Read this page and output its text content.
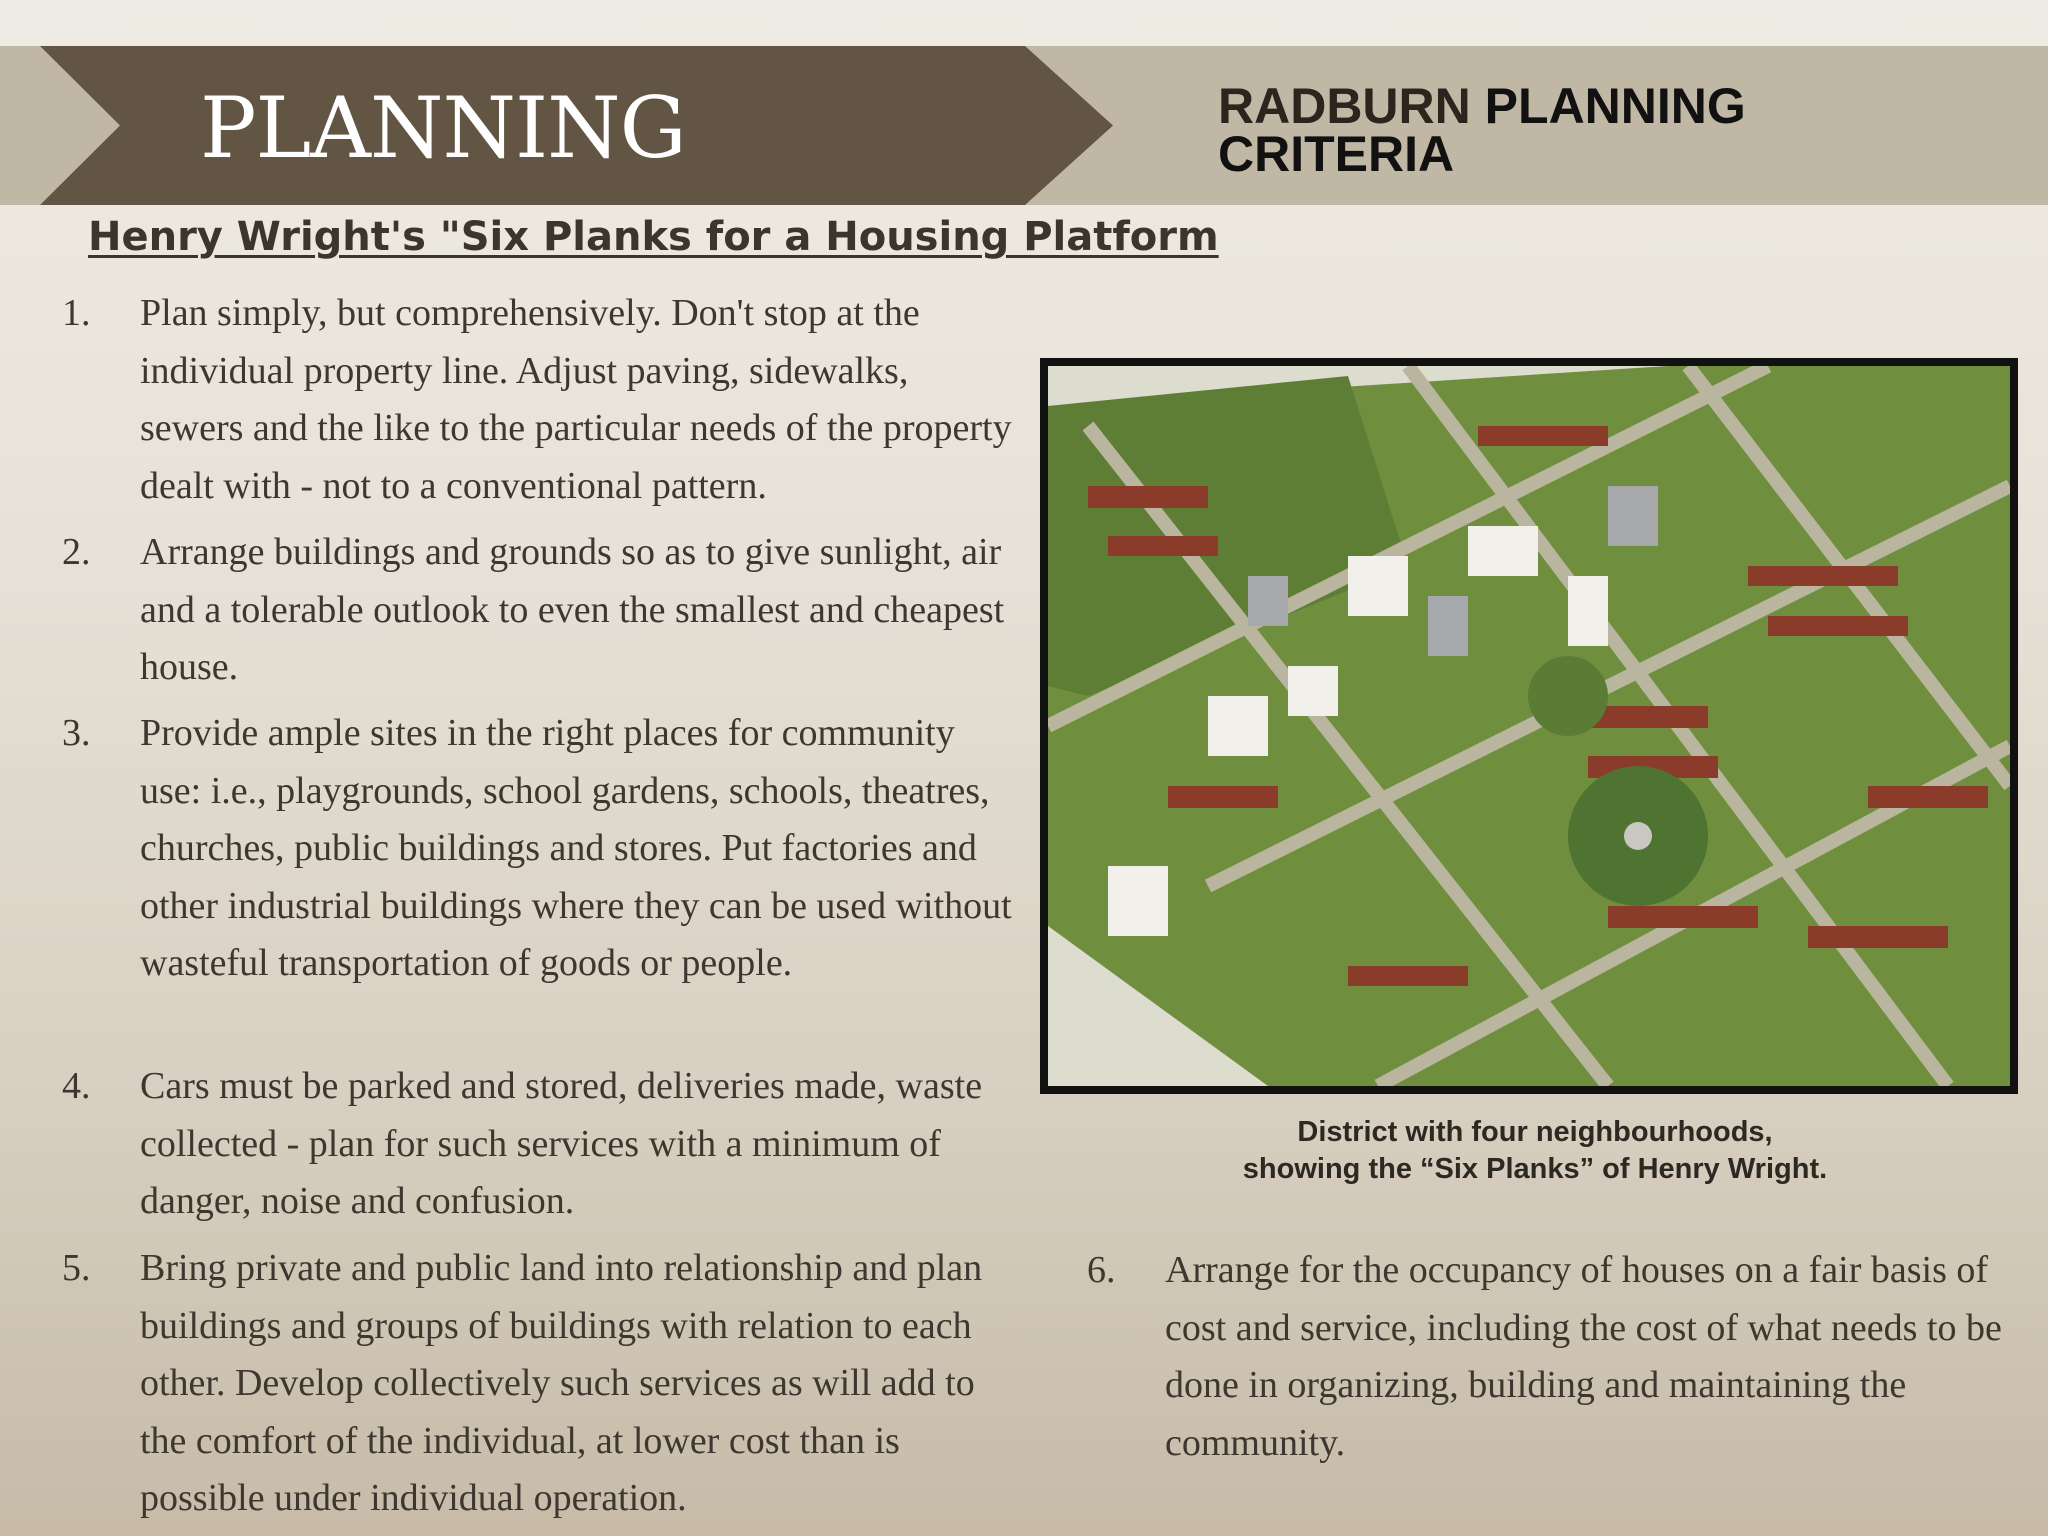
PLANNING	RADBURN PLANNING CRITERIA
Henry Wright's "Six Planks for a Housing Platform
1. Plan simply, but comprehensively. Don't stop at the individual property line. Adjust paving, sidewalks, sewers and the like to the particular needs of the property dealt with - not to a conventional pattern.
2. Arrange buildings and grounds so as to give sunlight, air and a tolerable outlook to even the smallest and cheapest house.
3. Provide ample sites in the right places for community use: i.e., playgrounds, school gardens, schools, theatres, churches, public buildings and stores. Put factories and other industrial buildings where they can be used without wasteful transportation of goods or people.
4. Cars must be parked and stored, deliveries made, waste collected - plan for such services with a minimum of danger, noise and confusion.
5. Bring private and public land into relationship and plan buildings and groups of buildings with relation to each other. Develop collectively such services as will add to the comfort of the individual, at lower cost than is possible under individual operation.
6. Arrange for the occupancy of houses on a fair basis of cost and service, including the cost of what needs to be done in organizing, building and maintaining the community.
District with four neighbourhoods,
showing the “Six Planks” of Henry Wright.
